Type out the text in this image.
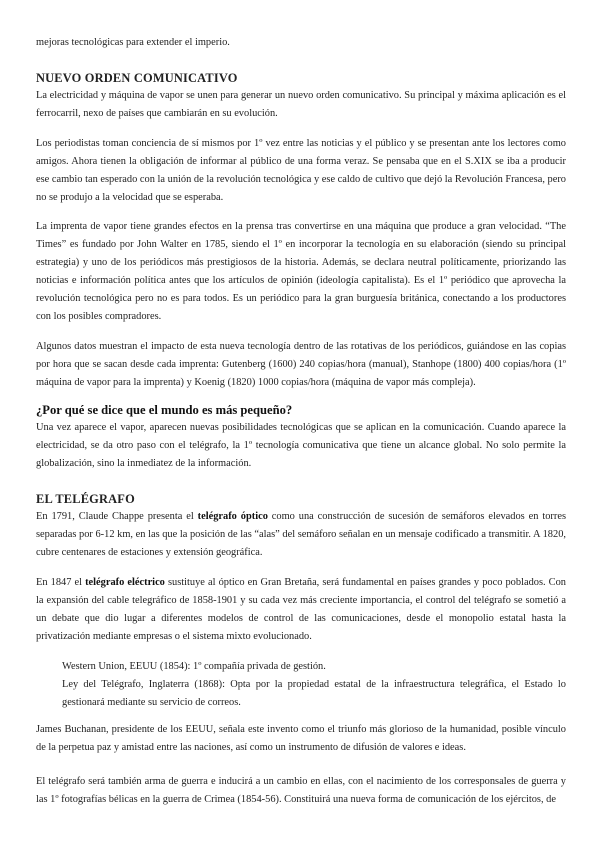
mejoras tecnológicas para extender el imperio.

NUEVO ORDEN COMUNICATIVO

La electricidad y máquina de vapor se unen para generar un nuevo orden comunicativo. Su principal y máxima aplicación es el ferrocarril, nexo de países que cambiarán en su evolución.

Los periodistas toman conciencia de sí mismos por 1º vez entre las noticias y el público y se presentan ante los lectores como amigos. Ahora tienen la obligación de informar al público de una forma veraz. Se pensaba que en el S.XIX se iba a producir ese cambio tan esperado con la unión de la revolución tecnológica y ese caldo de cultivo que dejó la Revolución Francesa, pero no se produjo a la velocidad que se esperaba.

La imprenta de vapor tiene grandes efectos en la prensa tras convertirse en una máquina que produce a gran velocidad. “The Times” es fundado por John Walter en 1785, siendo el 1º en incorporar la tecnología en su elaboración (siendo su principal estrategia) y uno de los periódicos más prestigiosos de la historia. Además, se declara neutral políticamente, priorizando las noticias e información política antes que los artículos de opinión (ideología capitalista). Es el 1º periódico que aprovecha la revolución tecnológica pero no es para todos. Es un periódico para la gran burguesía británica, conectando a los productores con los posibles compradores.

Algunos datos muestran el impacto de esta nueva tecnología dentro de las rotativas de los periódicos, guiándose en las copias por hora que se sacan desde cada imprenta: Gutenberg (1600) 240 copias/hora (manual), Stanhope (1800) 400 copias/hora (1º máquina de vapor para la imprenta) y Koenig (1820) 1000 copias/hora (máquina de vapor más compleja).

¿Por qué se dice que el mundo es más pequeño?

Una vez aparece el vapor, aparecen nuevas posibilidades tecnológicas que se aplican en la comunicación. Cuando aparece la electricidad, se da otro paso con el telégrafo, la 1º tecnología comunicativa que tiene un alcance global. No solo permite la globalización, sino la inmediatez de la información.

EL TELÉGRAFO

En 1791, Claude Chappe presenta el telégrafo óptico como una construcción de sucesión de semáforos elevados en torres separadas por 6-12 km, en las que la posición de las “alas” del semáforo señalan en un mensaje codificado a transmitir. A 1820, cubre centenares de estaciones y extensión geográfica.

En 1847 el telégrafo eléctrico sustituye al óptico en Gran Bretaña, será fundamental en países grandes y poco poblados. Con la expansión del cable telegráfico de 1858-1901 y su cada vez más creciente importancia, el control del telégrafo se sometió a un debate que dio lugar a diferentes modelos de control de las comunicaciones, desde el monopolio estatal hasta la privatización mediante empresas o el sistema mixto evolucionado.

Western Union, EEUU (1854): 1º compañía privada de gestión.

Ley del Telégrafo, Inglaterra (1868): Opta por la propiedad estatal de la infraestructura telegráfica, el Estado lo gestionará mediante su servicio de correos.

James Buchanan, presidente de los EEUU, señala este invento como el triunfo más glorioso de la humanidad, posible vínculo de la perpetua paz y amistad entre las naciones, así como un instrumento de difusión de valores e ideas.

El telégrafo será también arma de guerra e inducirá a un cambio en ellas, con el nacimiento de los corresponsales de guerra y las 1º fotografías bélicas en la guerra de Crimea (1854-56). Constituirá una nueva forma de comunicación de los ejércitos, de
